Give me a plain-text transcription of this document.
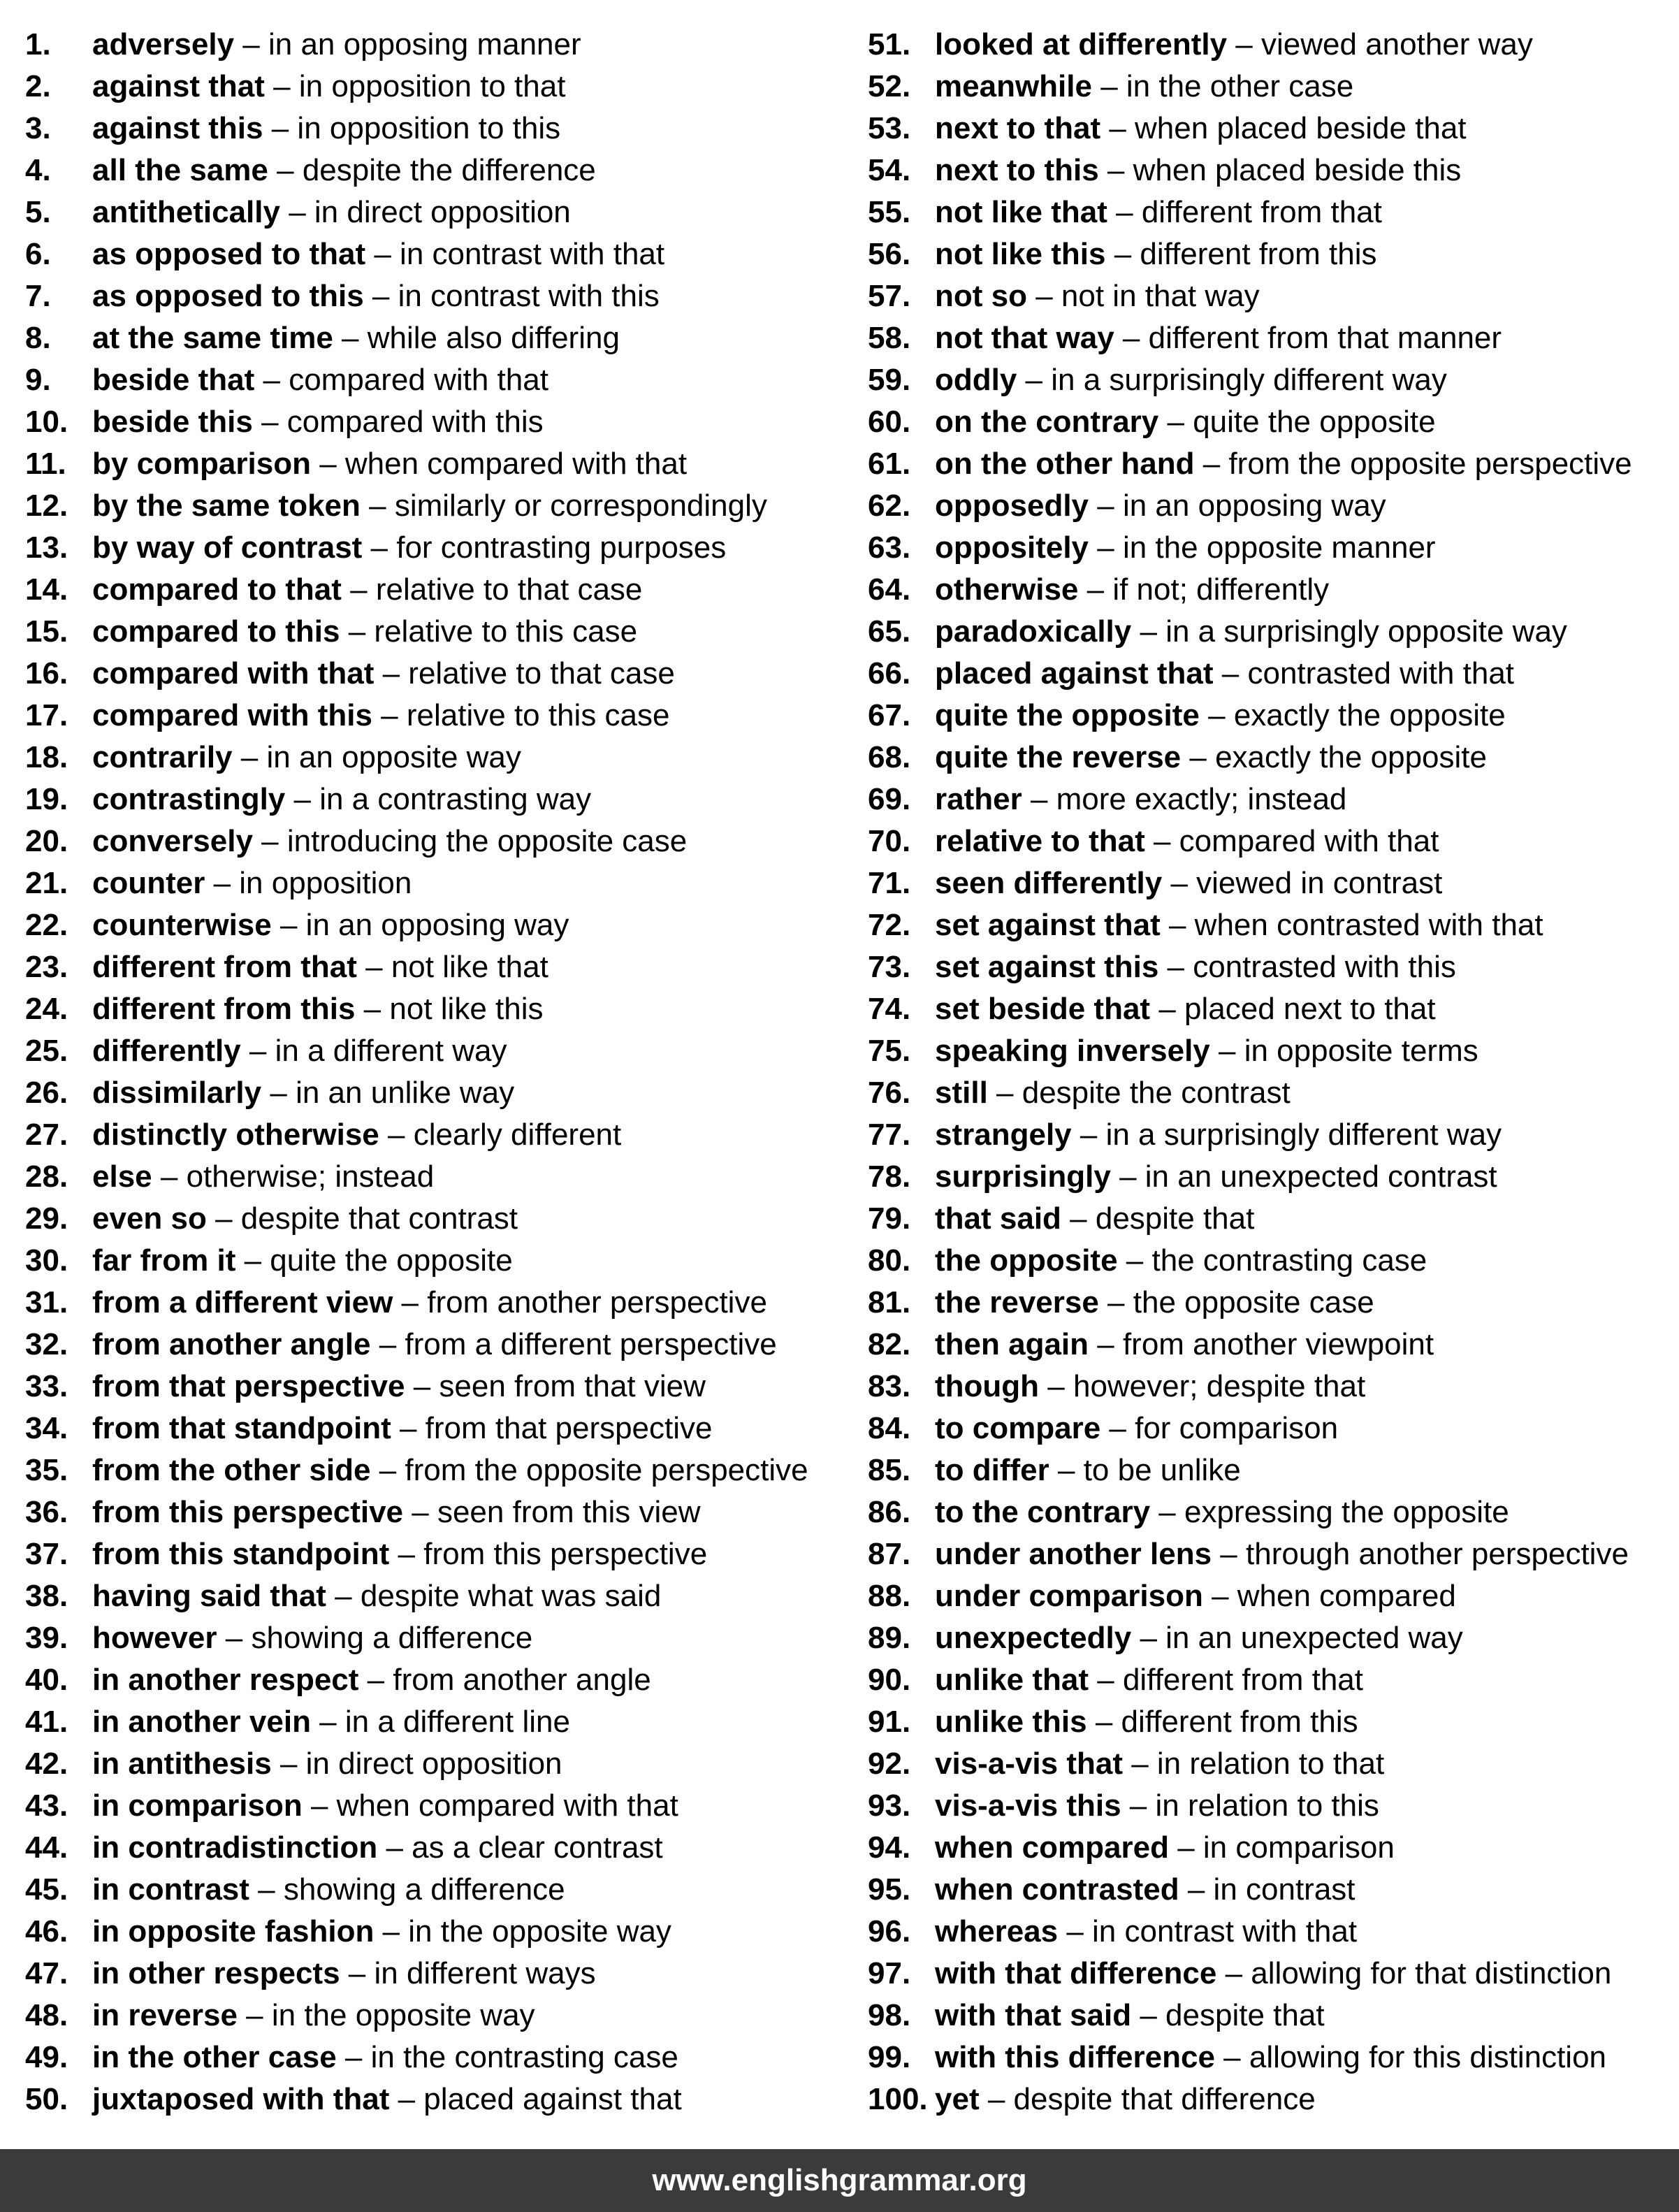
1.	adversely – in an opposing manner
2.	against that – in opposition to that
3.	against this – in opposition to this
4.	all the same – despite the difference
5.	antithetically – in direct opposition
6.	as opposed to that – in contrast with that
7.	as opposed to this – in contrast with this
8.	at the same time – while also differing
9.	beside that – compared with that
10. beside this – compared with this
11. by comparison – when compared with that
12. by the same token – similarly or correspondingly
13. by way of contrast – for contrasting purposes
14. compared to that – relative to that case
15. compared to this – relative to this case
16. compared with that – relative to that case
17. compared with this – relative to this case
18. contrarily – in an opposite way
19. contrastingly – in a contrasting way
20. conversely – introducing the opposite case
21. counter – in opposition
22. counterwise – in an opposing way
23. different from that – not like that
24. different from this – not like this
25. differently – in a different way
26. dissimilarly – in an unlike way
27. distinctly otherwise – clearly different
28. else – otherwise; instead
29. even so – despite that contrast
30. far from it – quite the opposite
31. from a different view – from another perspective
32. from another angle – from a different perspective
33. from that perspective – seen from that view
34. from that standpoint – from that perspective
35. from the other side – from the opposite perspective
36. from this perspective – seen from this view
37. from this standpoint – from this perspective
38. having said that – despite what was said
39. however – showing a difference
40. in another respect – from another angle
41. in another vein – in a different line
42. in antithesis – in direct opposition
43. in comparison – when compared with that
44. in contradistinction – as a clear contrast
45. in contrast – showing a difference
46. in opposite fashion – in the opposite way
47. in other respects – in different ways
48. in reverse – in the opposite way
49. in the other case – in the contrasting case
50. juxtaposed with that – placed against that
51. looked at differently – viewed another way
52. meanwhile – in the other case
53. next to that – when placed beside that
54. next to this – when placed beside this
55. not like that – different from that
56. not like this – different from this
57. not so – not in that way
58. not that way – different from that manner
59. oddly – in a surprisingly different way
60. on the contrary – quite the opposite
61. on the other hand – from the opposite perspective
62. opposedly – in an opposing way
63. oppositely – in the opposite manner
64. otherwise – if not; differently
65. paradoxically – in a surprisingly opposite way
66. placed against that – contrasted with that
67. quite the opposite – exactly the opposite
68. quite the reverse – exactly the opposite
69. rather – more exactly; instead
70. relative to that – compared with that
71. seen differently – viewed in contrast
72. set against that – when contrasted with that
73. set against this – contrasted with this
74. set beside that – placed next to that
75. speaking inversely – in opposite terms
76. still – despite the contrast
77. strangely – in a surprisingly different way
78. surprisingly – in an unexpected contrast
79. that said – despite that
80. the opposite – the contrasting case
81. the reverse – the opposite case
82. then again – from another viewpoint
83. though – however; despite that
84. to compare – for comparison
85. to differ – to be unlike
86. to the contrary – expressing the opposite
87. under another lens – through another perspective
88. under comparison – when compared
89. unexpectedly – in an unexpected way
90. unlike that – different from that
91. unlike this – different from this
92. vis-a-vis that – in relation to that
93. vis-a-vis this – in relation to this
94. when compared – in comparison
95. when contrasted – in contrast
96. whereas – in contrast with that
97. with that difference – allowing for that distinction
98. with that said – despite that
99. with this difference – allowing for this distinction
100. yet – despite that difference
www.englishgrammar.org
